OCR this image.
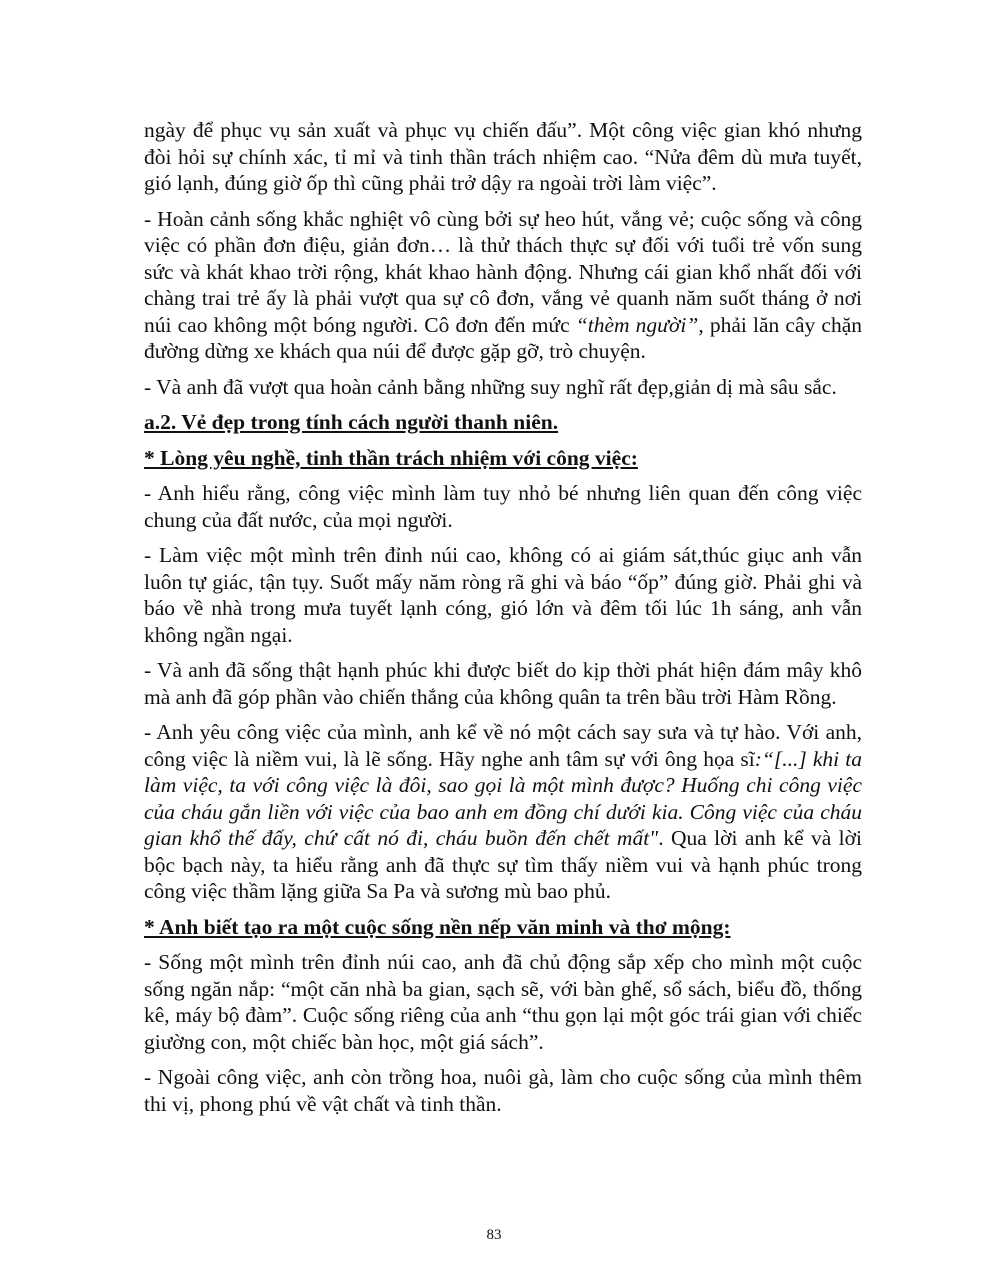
ngày để phục vụ sản xuất và phục vụ chiến đấu”. Một công việc gian khó nhưng đòi hỏi sự chính xác, tỉ mỉ và tinh thần trách nhiệm cao. “Nửa đêm dù mưa tuyết, gió lạnh, đúng giờ ốp thì cũng phải trở dậy ra ngoài trời làm việc”.

- Hoàn cảnh sống khắc nghiệt vô cùng bởi sự heo hút, vắng vẻ; cuộc sống và công việc có phần đơn điệu, giản đơn… là thử thách thực sự đối với tuổi trẻ vốn sung sức và khát khao trời rộng, khát khao hành động. Nhưng cái gian khổ nhất đối với chàng trai trẻ ấy là phải vượt qua sự cô đơn, vắng vẻ quanh năm suốt tháng ở nơi núi cao không một bóng người. Cô đơn đến mức “thèm người”, phải lăn cây chặn đường dừng xe khách qua núi để được gặp gỡ, trò chuyện.

- Và anh đã vượt qua hoàn cảnh bằng những suy nghĩ rất đẹp,giản dị mà sâu sắc.

a.2. Vẻ đẹp trong tính cách người thanh niên.

* Lòng yêu nghề, tinh thần trách nhiệm với công việc:

- Anh hiểu rằng, công việc mình làm tuy nhỏ bé nhưng liên quan đến công việc chung của đất nước, của mọi người.

- Làm việc một mình trên đỉnh núi cao, không có ai giám sát,thúc giục anh vẫn luôn tự giác, tận tụy. Suốt mấy năm ròng rã ghi và báo “ốp” đúng giờ. Phải ghi và báo về nhà trong mưa tuyết lạnh cóng, gió lớn và đêm tối lúc 1h sáng, anh vẫn không ngần ngại.

- Và anh đã sống thật hạnh phúc khi được biết do kịp thời phát hiện đám mây khô mà anh đã góp phần vào chiến thắng của không quân ta trên bầu trời Hàm Rồng.

- Anh yêu công việc của mình, anh kể về nó một cách say sưa và tự hào. Với anh, công việc là niềm vui, là lẽ sống. Hãy nghe anh tâm sự với ông họa sĩ:“[...] khi ta làm việc, ta với công việc là đôi, sao gọi là một mình được? Huống chi công việc của cháu gắn liền với việc của bao anh em đồng chí dưới kia. Công việc của cháu gian khổ thế đấy, chứ cất nó đi, cháu buồn đến chết mất". Qua lời anh kể và lời bộc bạch này, ta hiểu rằng anh đã thực sự tìm thấy niềm vui và hạnh phúc trong công việc thầm lặng giữa Sa Pa và sương mù bao phủ.

* Anh biết tạo ra một cuộc sống nền nếp văn minh và thơ mộng:

- Sống một mình trên đỉnh núi cao, anh đã chủ động sắp xếp cho mình một cuộc sống ngăn nắp: “một căn nhà ba gian, sạch sẽ, với bàn ghế, sổ sách, biểu đồ, thống kê, máy bộ đàm”. Cuộc sống riêng của anh “thu gọn lại một góc trái gian với chiếc giường con, một chiếc bàn học, một giá sách”.

- Ngoài công việc, anh còn trồng hoa, nuôi gà, làm cho cuộc sống của mình thêm thi vị, phong phú về vật chất và tinh thần.

83
